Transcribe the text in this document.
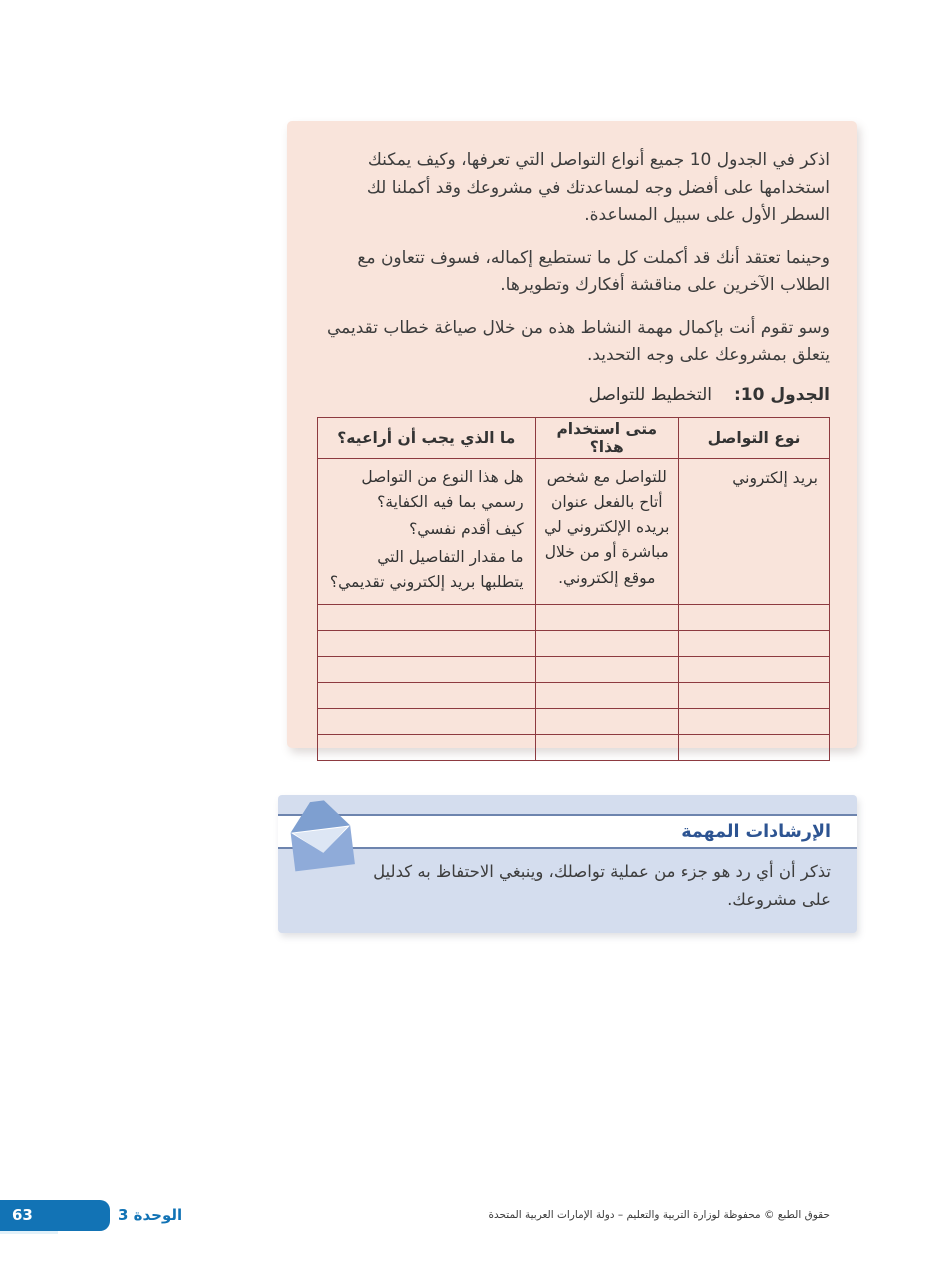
اذكر في الجدول 10 جميع أنواع التواصل التي تعرفها، وكيف يمكنك استخدامها على أفضل وجه لمساعدتك في مشروعك وقد أكملنا لك السطر الأول على سبيل المساعدة.

وحينما تعتقد أنك قد أكملت كل ما تستطيع إكماله، فسوف تتعاون مع الطلاب الآخرين على مناقشة أفكارك وتطويرها.

وسو تقوم أنت بإكمال مهمة النشاط هذه من خلال صياغة خطاب تقديمي يتعلق بمشروعك على وجه التحديد.

الجدول 10:التخطيط للتواصل
نوع التواصل	متى استخدام هذا؟	ما الذي يجب أن أراعيه؟
بريد إلكتروني	للتواصل مع شخص أتاح بالفعل عنوان بريده الإلكتروني لي مباشرة أو من خلال موقع إلكتروني.	هل هذا النوع من التواصل رسمي بما فيه الكفاية؟

كيف أقدم نفسي؟

ما مقدار التفاصيل التي يتطلبها بريد إلكتروني تقديمي؟

الإرشادات المهمة

تذكر أن أي رد هو جزء من عملية تواصلك، وينبغي الاحتفاظ به كدليل على مشروعك.

63	الوحدة 3	حقوق الطبع © محفوظة لوزارة التربية والتعليم – دولة الإمارات العربية المتحدة
